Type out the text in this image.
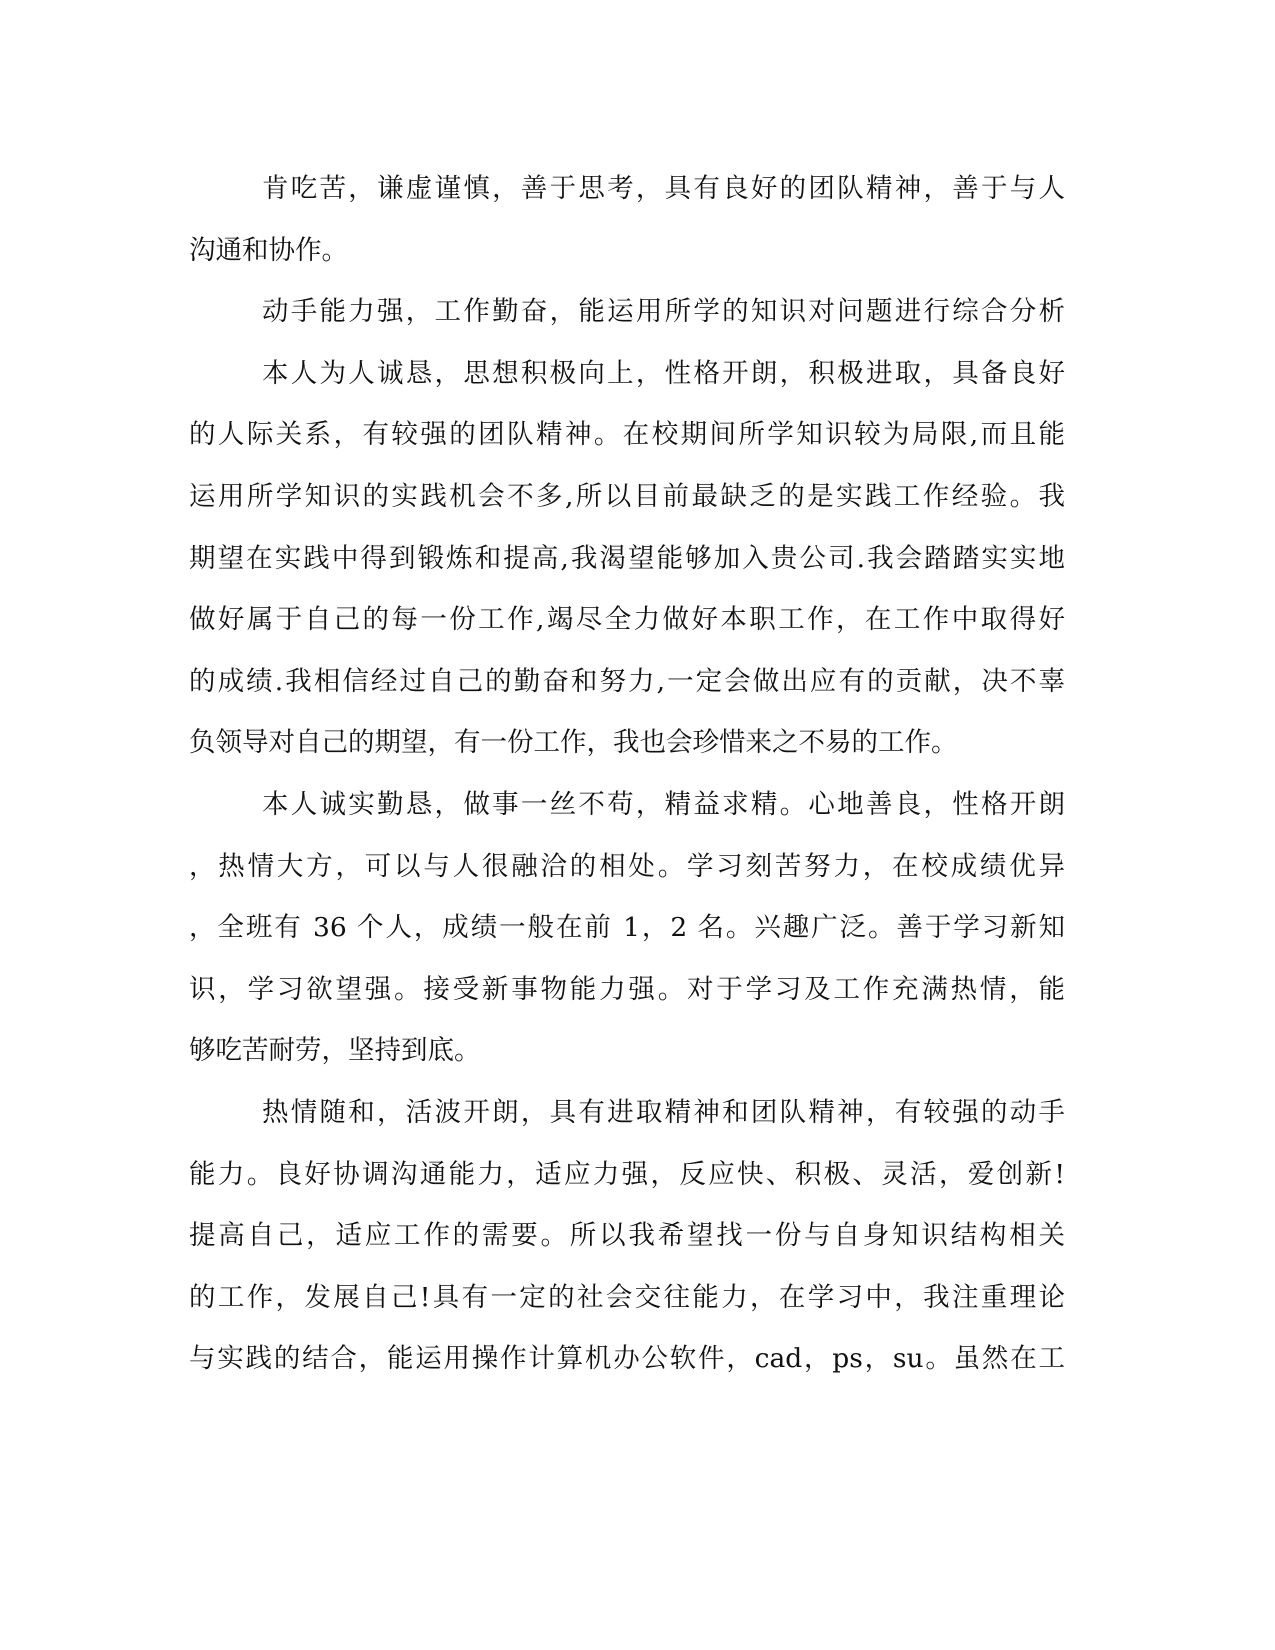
肯吃苦，谦虚谨慎，善于思考，具有良好的团队精神，善于与人
沟通和协作。
动手能力强，工作勤奋，能运用所学的知识对问题进行综合分析
本人为人诚恳，思想积极向上，性格开朗，积极进取，具备良好
的人际关系，有较强的团队精神。在校期间所学知识较为局限,而且能
运用所学知识的实践机会不多,所以目前最缺乏的是实践工作经验。我
期望在实践中得到锻炼和提高,我渴望能够加入贵公司.我会踏踏实实地
做好属于自己的每一份工作,竭尽全力做好本职工作，在工作中取得好
的成绩.我相信经过自己的勤奋和努力,一定会做出应有的贡献，决不辜
负领导对自己的期望，有一份工作，我也会珍惜来之不易的工作。
本人诚实勤恳，做事一丝不苟，精益求精。心地善良，性格开朗
，热情大方，可以与人很融洽的相处。学习刻苦努力，在校成绩优异
，全班有 36 个人，成绩一般在前 1，2 名。兴趣广泛。善于学习新知
识，学习欲望强。接受新事物能力强。对于学习及工作充满热情，能
够吃苦耐劳，坚持到底。
热情随和，活波开朗，具有进取精神和团队精神，有较强的动手
能力。良好协调沟通能力，适应力强，反应快、积极、灵活，爱创新!
提高自己，适应工作的需要。所以我希望找一份与自身知识结构相关
的工作，发展自己!具有一定的社会交往能力，在学习中，我注重理论
与实践的结合，能运用操作计算机办公软件，cad，ps，su。虽然在工
